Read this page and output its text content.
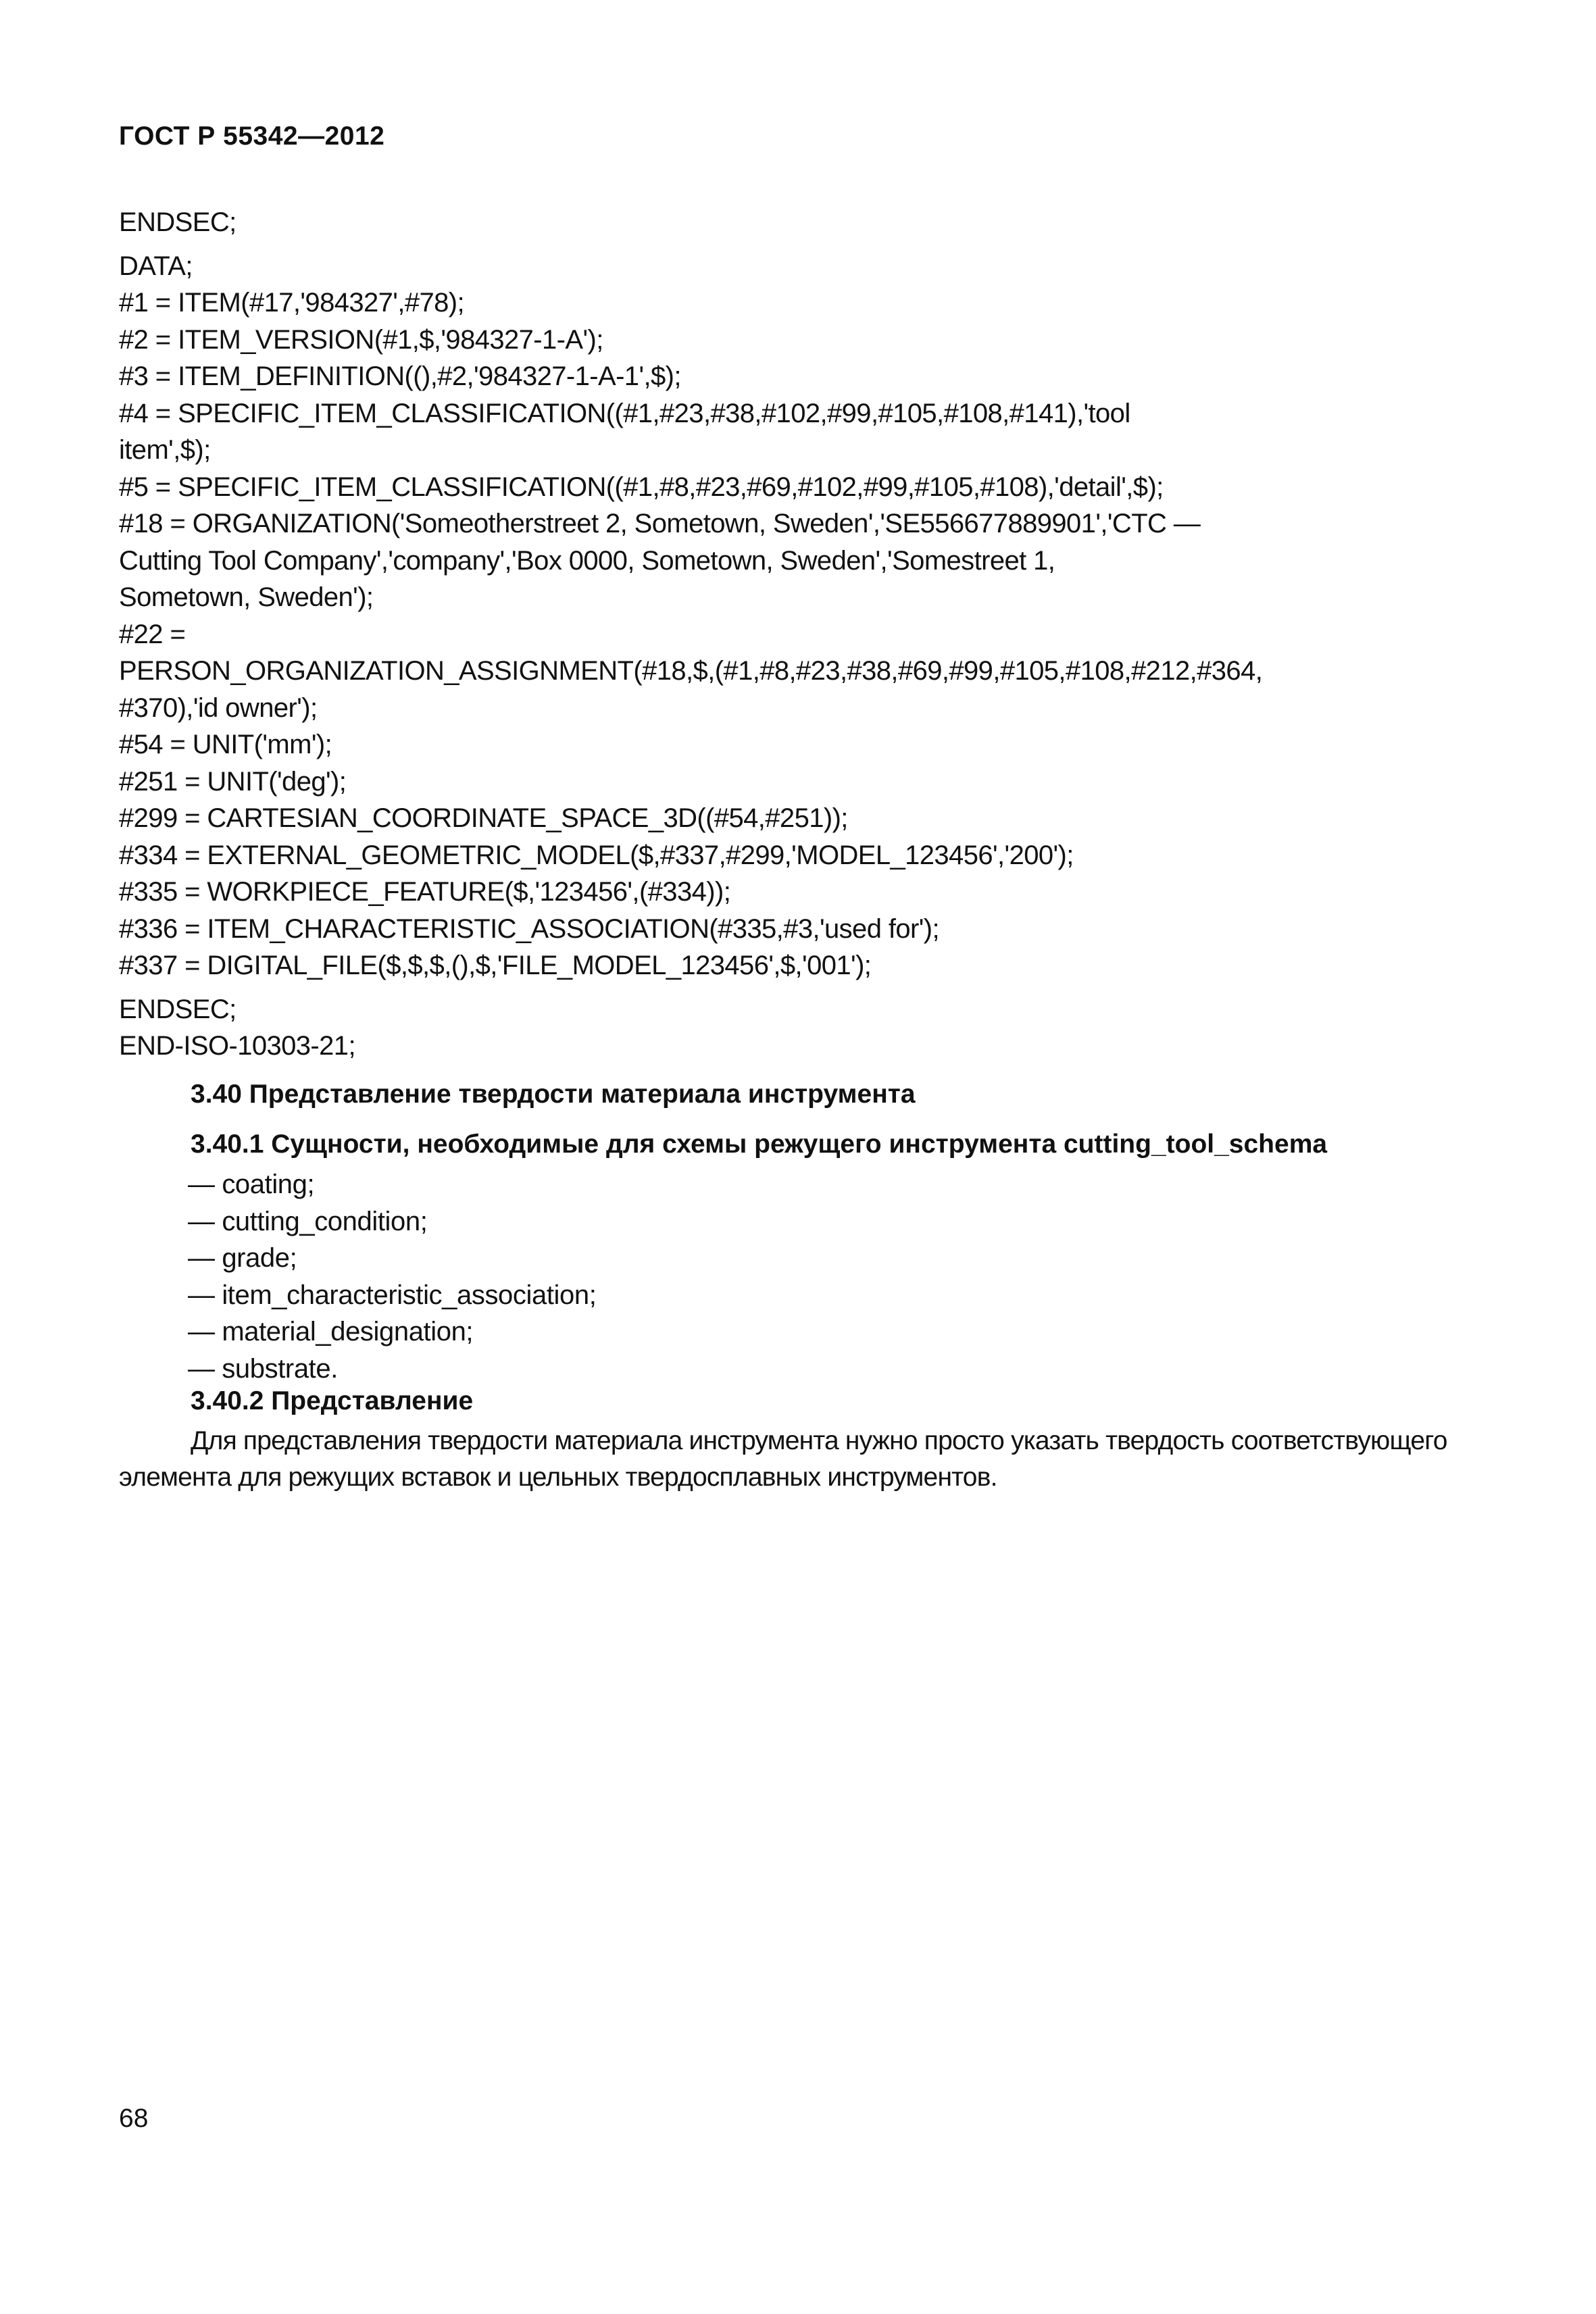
ГОСТ Р 55342—2012
ENDSEC;
DATA;
#1 = ITEM(#17,'984327',#78);
#2 = ITEM_VERSION(#1,$,'984327-1-A');
#3 = ITEM_DEFINITION((),#2,'984327-1-A-1',$);
#4 = SPECIFIC_ITEM_CLASSIFICATION((#1,#23,#38,#102,#99,#105,#108,#141),'tool
item',$);
#5 = SPECIFIC_ITEM_CLASSIFICATION((#1,#8,#23,#69,#102,#99,#105,#108),'detail',$);
#18 = ORGANIZATION('Someotherstreet 2, Sometown, Sweden','SE556677889901','CTC —
Cutting Tool Company','company','Box 0000, Sometown, Sweden','Somestreet 1,
Sometown, Sweden');
#22 =
PERSON_ORGANIZATION_ASSIGNMENT(#18,$,(#1,#8,#23,#38,#69,#99,#105,#108,#212,#364,
#370),'id owner');
#54 = UNIT('mm');
#251 = UNIT('deg');
#299 = CARTESIAN_COORDINATE_SPACE_3D((#54,#251));
#334 = EXTERNAL_GEOMETRIC_MODEL($,#337,#299,'MODEL_123456','200');
#335 = WORKPIECE_FEATURE($,'123456',(#334));
#336 = ITEM_CHARACTERISTIC_ASSOCIATION(#335,#3,'used for');
#337 = DIGITAL_FILE($,$,$,(),$,'FILE_MODEL_123456',$,'001');
ENDSEC;
END-ISO-10303-21;
3.40 Представление твердости материала инструмента
3.40.1 Сущности, необходимые для схемы режущего инструмента cutting_tool_schema
— coating;
— cutting_condition;
— grade;
— item_characteristic_association;
— material_designation;
— substrate.
3.40.2 Представление
Для представления твердости материала инструмента нужно просто указать твердость соответствующего элемента для режущих вставок и цельных твердосплавных инструментов.
68
